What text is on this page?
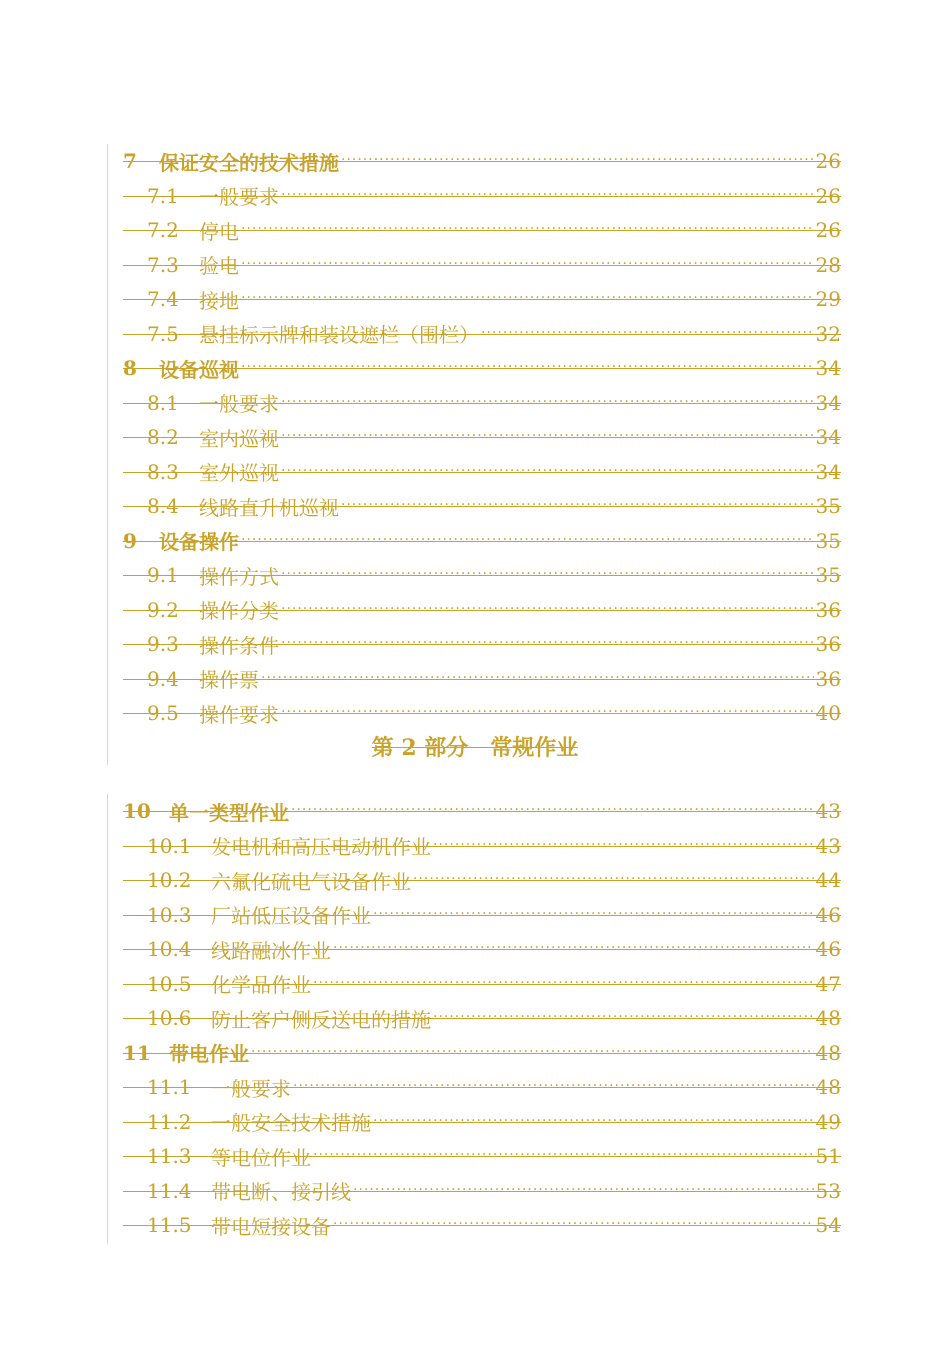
7	保证安全的技术措施 ·····	26
7.1	一般要求 ·····	26
7.2	停电 ·····	26
7.3	验电 ·····	28
7.4	接地 ·····	29
7.5	悬挂标示牌和装设遮栏（围栏） ·····	32
8	设备巡视 ·····	34
8.1	一般要求 ·····	34
8.2	室内巡视 ·····	34
8.3	室外巡视 ·····	34
8.4	线路直升机巡视 ·····	35
9	设备操作 ·····	35
9.1	操作方式 ·····	35
9.2	操作分类 ·····	36
9.3	操作条件 ·····	36
9.4	操作票 ·····	36
9.5	操作要求 ·····	40
第 2 部分　常规作业
10 单一类型作业 ·····	43
10.1 发电机和高压电动机作业 ·····	43
10.2 六氟化硫电气设备作业 ·····	44
10.3 厂站低压设备作业 ·····	46
10.4 线路融冰作业 ·····	46
10.5 化学品作业 ·····	47
10.6 防止客户侧反送电的措施 ·····	48
11 带电作业 ·····	48
11.1 一般要求 ·····	48
11.2 一般安全技术措施 ·····	49
11.3 等电位作业 ·····	51
11.4 带电断、接引线 ·····	53
11.5 带电短接设备 ·····	54
